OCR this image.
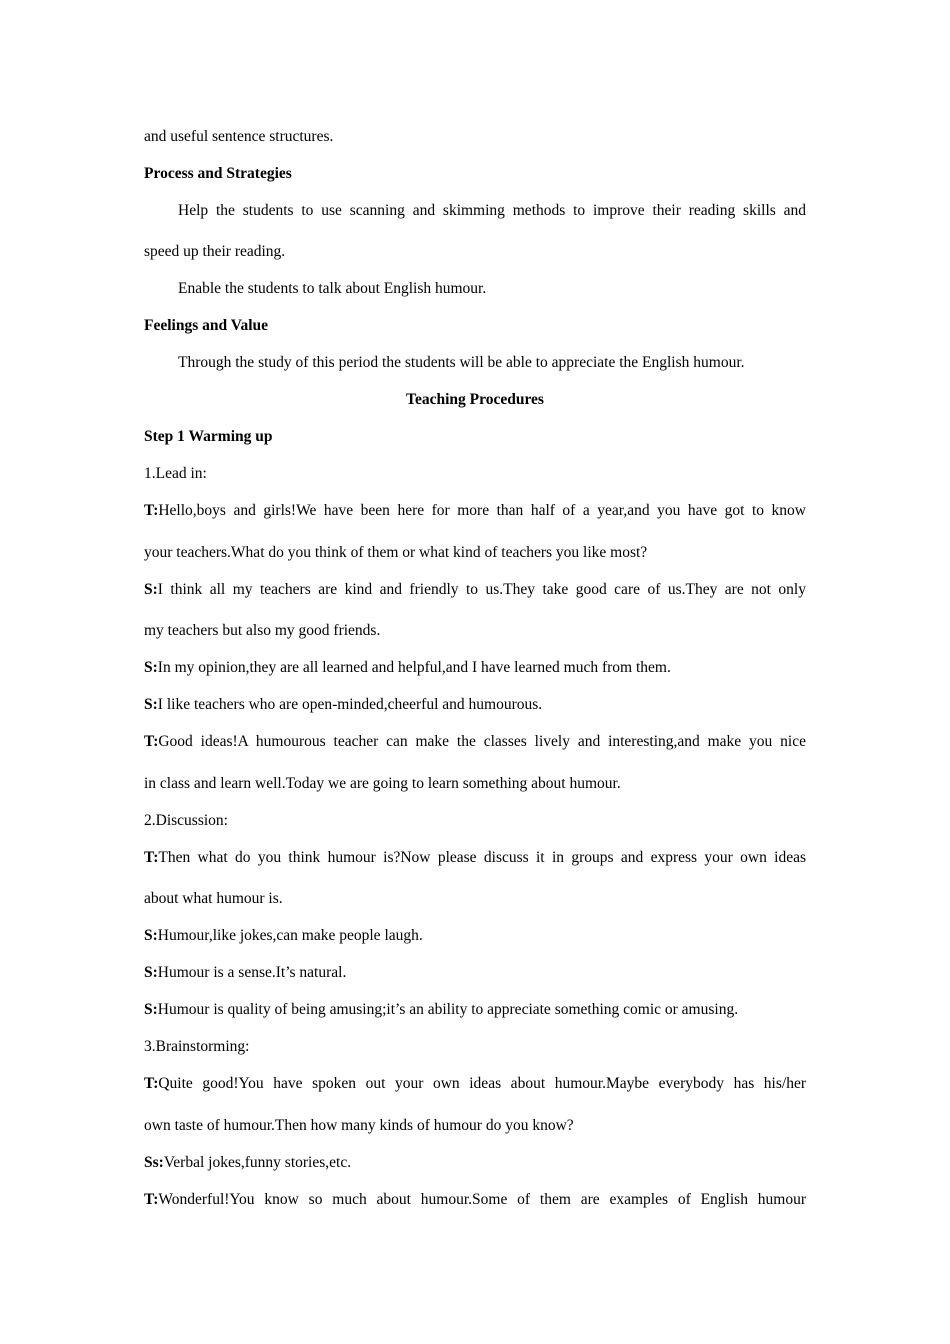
and useful sentence structures.
Process and Strategies
Help the students to use scanning and skimming methods to improve their reading skills and
speed up their reading.
Enable the students to talk about English humour.
Feelings and Value
Through the study of this period the students will be able to appreciate the English humour.
Teaching Procedures
Step 1 Warming up
1.Lead in:
T:Hello,boys and girls!We have been here for more than half of a year,and you have got to know
your teachers.What do you think of them or what kind of teachers you like most?
S:I think all my teachers are kind and friendly to us.They take good care of us.They are not only
my teachers but also my good friends.
S:In my opinion,they are all learned and helpful,and I have learned much from them.
S:I like teachers who are open-minded,cheerful and humourous.
T:Good ideas!A humourous teacher can make the classes lively and interesting,and make you nice
in class and learn well.Today we are going to learn something about humour.
2.Discussion:
T:Then what do you think humour is?Now please discuss it in groups and express your own ideas
about what humour is.
S:Humour,like jokes,can make people laugh.
S:Humour is a sense.It’s natural.
S:Humour is quality of being amusing;it’s an ability to appreciate something comic or amusing.
3.Brainstorming:
T:Quite good!You have spoken out your own ideas about humour.Maybe everybody has his/her
own taste of humour.Then how many kinds of humour do you know?
Ss:Verbal jokes,funny stories,etc.
T:Wonderful!You know so much about humour.Some of them are examples of English humour
